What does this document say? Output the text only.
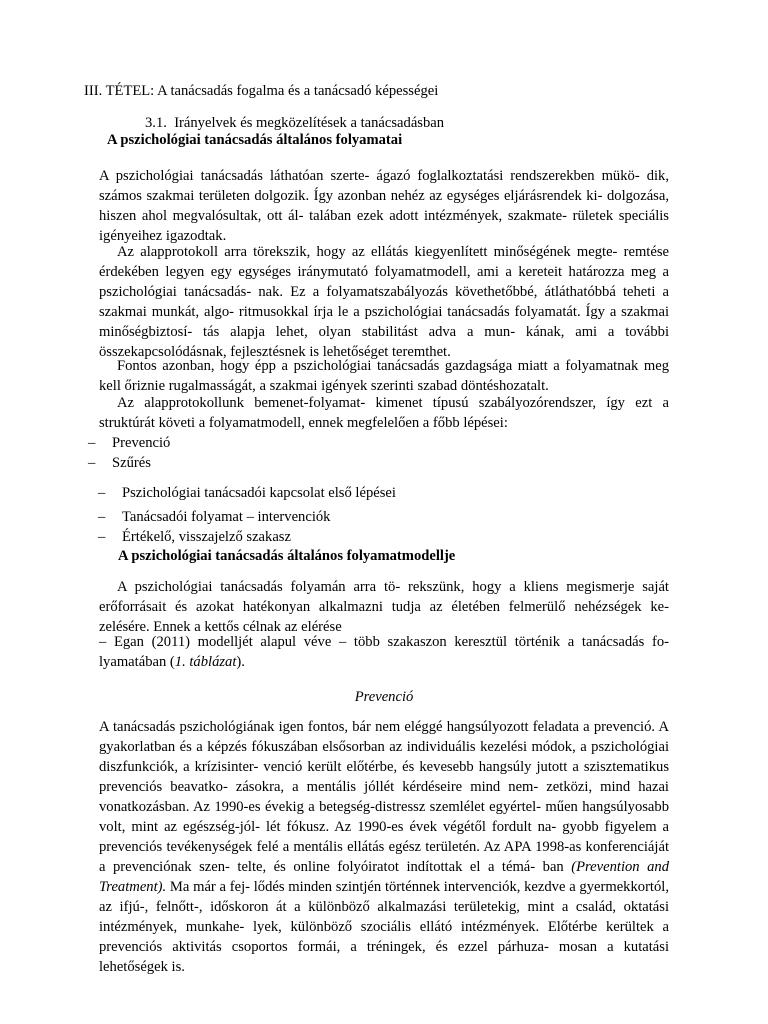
III. TÉTEL: A tanácsadás fogalma és a tanácsadó képességei
3.1. Irányelvek és megközelítések a tanácsadásban
A pszichológiai tanácsadás általános folyamatai
A pszichológiai tanácsadás láthatóan szerte- ágazó foglalkoztatási rendszerekben mükö- dik, számos szakmai területen dolgozik. Így azonban nehéz az egységes eljárásrendek ki- dolgozása, hiszen ahol megvalósultak, ott ál- talában ezek adott intézmények, szakmate- rületek speciális igényeihez igazodtak.
Az alapprotokoll arra törekszik, hogy az ellátás kiegyenlített minőségének megte- remtése érdekében legyen egy egységes iránymutató folyamatmodell, ami a kereteit határozza meg a pszichológiai tanácsadás- nak. Ez a folyamatszabályozás követhetőbbé, átláthatóbbá teheti a szakmai munkát, algo- ritmusokkal írja le a pszichológiai tanácsadás folyamatát. Így a szakmai minőségbiztosí- tás alapja lehet, olyan stabilitást adva a mun- kának, ami a további összekapcsolódásnak, fejlesztésnek is lehetőséget teremthet.
Fontos azonban, hogy épp a pszichológiai tanácsadás gazdagsága miatt a folyamatnak meg kell őriznie rugalmasságát, a szakmai igények szerinti szabad döntéshozatalt.
Az alapprotokollunk bemenet-folyamat- kimenet típusú szabályozórendszer, így ezt a struktúrát követi a folyamatmodell, ennek megfelelően a főbb lépései:
– Prevenció
– Szűrés
– Pszichológiai tanácsadói kapcsolat első lépései
– Tanácsadói folyamat – intervenciók
– Értékelő, visszajelző szakasz
A pszichológiai tanácsadás általános folyamatmodellje
A pszichológiai tanácsadás folyamán arra tö- rekszünk, hogy a kliens megismerje saját erőforrásait és azokat hatékonyan alkalmazni tudja az életében felmerülő nehézségek ke- zelésére. Ennek a kettős célnak az elérése
– Egan (2011) modelljét alapul véve – több szakaszon keresztül történik a tanácsadás fo- lyamatában (1. táblázat).
Prevenció
A tanácsadás pszichológiának igen fontos, bár nem eléggé hangsúlyozott feladata a prevenció. A gyakorlatban és a képzés fókuszában elsősorban az individuális kezelési módok, a pszichológiai diszfunkciók, a krízisinter- venció került előtérbe, és kevesebb hangsúly jutott a szisztematikus prevenciós beavatko- zásokra, a mentális jóllét kérdéseire mind nem- zetközi, mind hazai vonatkozásban. Az 1990-es évekig a betegség-distressz szemlélet egyértel- műen hangsúlyosabb volt, mint az egészség-jól- lét fókusz. Az 1990-es évek végétől fordult na- gyobb figyelem a prevenciós tevékenységek felé a mentális ellátás egész területén. Az APA 1998-as konferenciáját a prevenciónak szen- telte, és online folyóiratot indítottak el a témá- ban (Prevention and Treatment). Ma már a fej- lődés minden szintjén történnek intervenciók, kezdve a gyermekkortól, az ifjú-, felnőtt-, időskoron át a különböző alkalmazási területekig, mint a család, oktatási intézmények, munkahe- lyek, különböző szociális ellátó intézmények. Előtérbe kerültek a prevenciós aktivitás csoportos formái, a tréningek, és ezzel párhuza- mosan a kutatási lehetőségek is.
